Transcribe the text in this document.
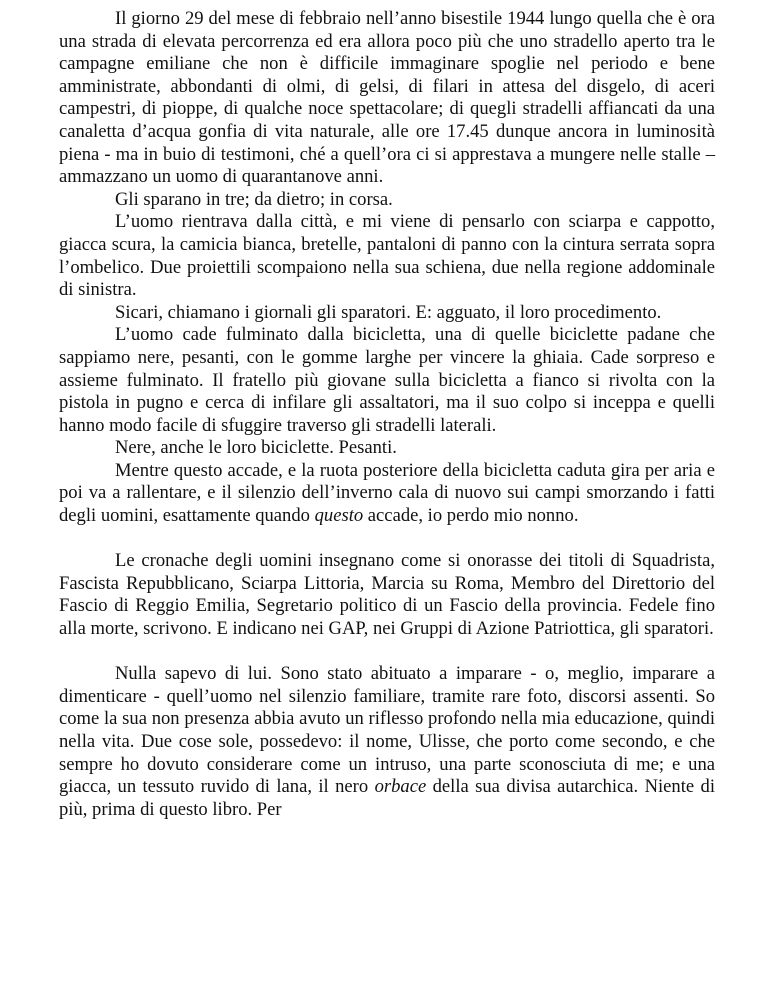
Il giorno 29 del mese di febbraio nell’anno bisestile 1944 lungo quella che è ora una strada di elevata percorrenza ed era allora poco più che uno stradello aperto tra le campagne emiliane che non è difficile immaginare spoglie nel periodo e bene amministrate, abbondanti di olmi, di gelsi, di filari in attesa del disgelo, di aceri campestri, di pioppe, di qualche noce spettacolare; di quegli stradelli affiancati da una canaletta d’acqua gonfia di vita naturale, alle ore 17.45 dunque ancora in luminosità piena - ma in buio di testimoni, ché a quell’ora ci si apprestava a mungere nelle stalle – ammazzano un uomo di quarantanove anni.

Gli sparano in tre; da dietro; in corsa.

L’uomo rientrava dalla città, e mi viene di pensarlo con sciarpa e cappotto, giacca scura, la camicia bianca, bretelle, pantaloni di panno con la cintura serrata sopra l’ombelico. Due proiettili scompaiono nella sua schiena, due nella regione addominale di sinistra.

Sicari, chiamano i giornali gli sparatori. E: agguato, il loro procedimento.

L’uomo cade fulminato dalla bicicletta, una di quelle biciclette padane che sappiamo nere, pesanti, con le gomme larghe per vincere la ghiaia. Cade sorpreso e assieme fulminato. Il fratello più giovane sulla bicicletta a fianco si rivolta con la pistola in pugno e cerca di infilare gli assaltatori, ma il suo colpo si inceppa e quelli hanno modo facile di sfuggire traverso gli stradelli laterali.

Nere, anche le loro biciclette. Pesanti.

Mentre questo accade, e la ruota posteriore della bicicletta caduta gira per aria e poi va a rallentare, e il silenzio dell’inverno cala di nuovo sui campi smorzando i fatti degli uomini, esattamente quando questo accade, io perdo mio nonno.

Le cronache degli uomini insegnano come si onorasse dei titoli di Squadrista, Fascista Repubblicano, Sciarpa Littoria, Marcia su Roma, Membro del Direttorio del Fascio di Reggio Emilia, Segretario politico di un Fascio della provincia. Fedele fino alla morte, scrivono. E indicano nei GAP, nei Gruppi di Azione Patriottica, gli sparatori.

Nulla sapevo di lui. Sono stato abituato a imparare - o, meglio, imparare a dimenticare - quell’uomo nel silenzio familiare, tramite rare foto, discorsi assenti. So come la sua non presenza abbia avuto un riflesso profondo nella mia educazione, quindi nella vita. Due cose sole, possedevo: il nome, Ulisse, che porto come secondo, e che sempre ho dovuto considerare come un intruso, una parte sconosciuta di me; e una giacca, un tessuto ruvido di lana, il nero orbace della sua divisa autarchica. Niente di più, prima di questo libro. Per
